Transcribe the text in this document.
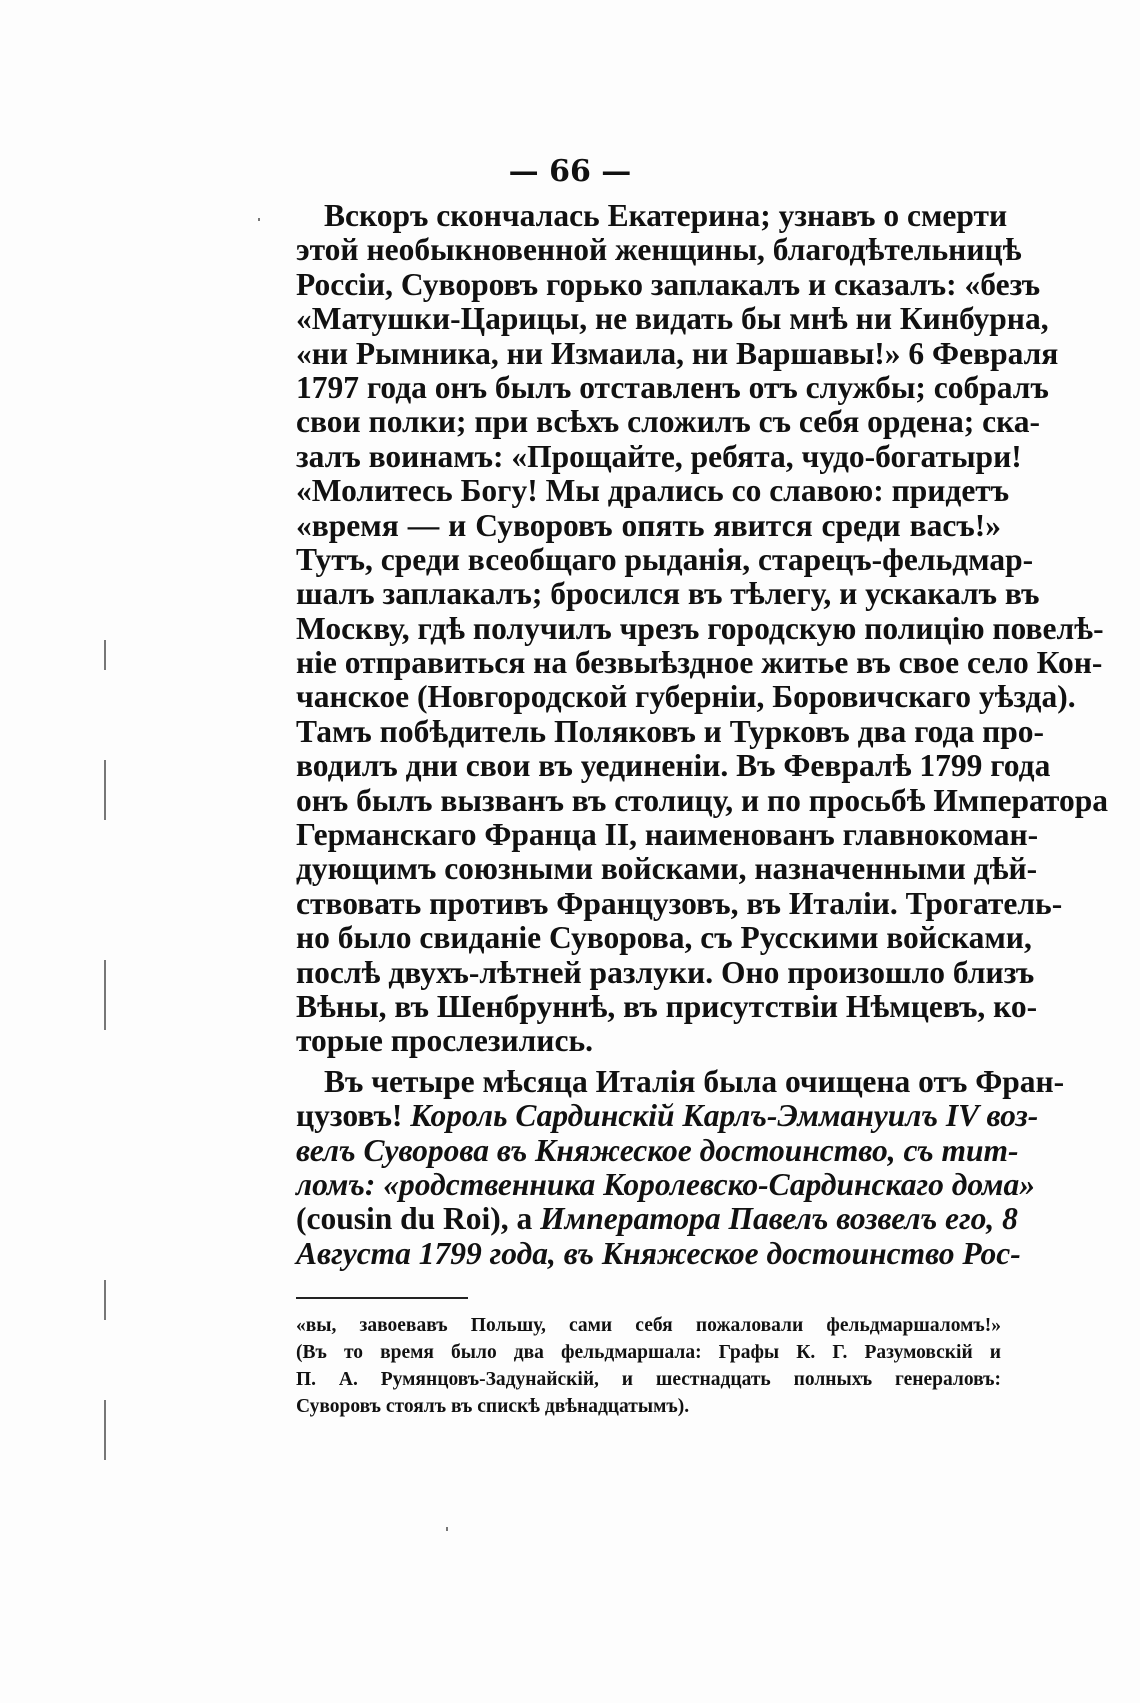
— 66 —
Вскоръ скончалась Екатерина; узнавъ о смерти
этой необыкновенной женщины, благодѣтельницѣ
Россіи, Суворовъ горько заплакалъ и сказалъ: «безъ
«Матушки-Царицы, не видать бы мнѣ ни Кинбурна,
«ни Рымника, ни Измаила, ни Варшавы!» 6 Февраля
1797 года онъ былъ отставленъ отъ службы; собралъ
свои полки; при всѣхъ сложилъ съ себя ордена; ска-
залъ воинамъ: «Прощайте, ребята, чудо-богатыри!
«Молитесь Богу! Мы дрались со славою: придетъ
«время — и Суворовъ опять явится среди васъ!»
Тутъ, среди всеобщаго рыданія, старецъ-фельдмар-
шалъ заплакалъ; бросился въ тѣлегу, и ускакалъ въ
Москву, гдѣ получилъ чрезъ городскую полицію повелѣ-
ніе отправиться на безвыѣздное житье въ свое село Кон-
чанское (Новгородской губерніи, Боровичскаго уѣзда).
Тамъ побѣдитель Поляковъ и Турковъ два года про-
водилъ дни свои въ уединеніи. Въ Февралѣ 1799 года
онъ былъ вызванъ въ столицу, и по просьбѣ Императора
Германскаго Франца II, наименованъ главнокоман-
дующимъ союзными войсками, назначенными дѣй-
ствовать противъ Французовъ, въ Италіи. Трогатель-
но было свиданіе Суворова, съ Русскими войсками,
послѣ двухъ-лѣтней разлуки. Оно произошло близъ
Вѣны, въ Шенбруннѣ, въ присутствіи Нѣмцевъ, ко-
торые прослезились.
Въ четыре мѣсяца Италія была очищена отъ Фран-
цузовъ! Король Сардинскій Карлъ-Эммануилъ IV воз-
велъ Суворова въ Княжеское достоинство, съ тит-
ломъ: «родственника Королевско-Сардинскаго дома»
(cousin du Roi), а Императора Павелъ возвелъ его, 8
Августа 1799 года, въ Княжеское достоинство Рос-
«вы, завоевавъ Польшу, сами себя пожаловали фельдмаршаломъ!»
(Въ то время было два фельдмаршала: Графы К. Г. Разумовскій и
П. А. Румянцовъ-Задунайскій, и шестнадцать полныхъ генераловъ:
Суворовъ стоялъ въ спискѣ двѣнадцатымъ).
